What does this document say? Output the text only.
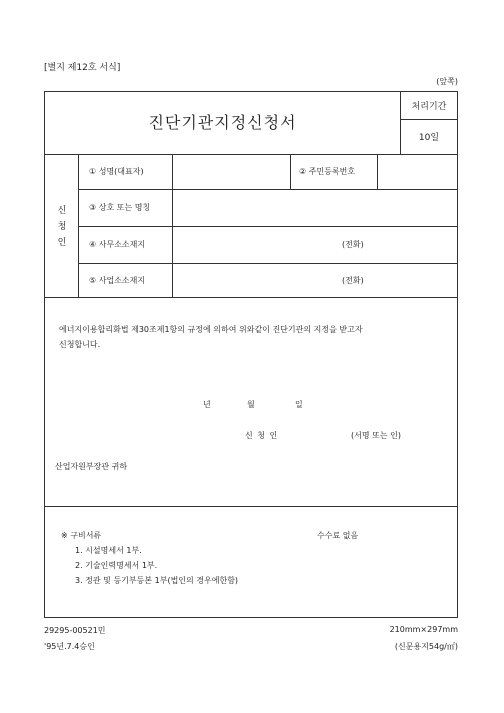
[별지 제12호 서식]
(앞쪽)
진단기관지정신청서
처리기간
10일
신
청
인
① 성명(대표자)	② 주민등록번호
③ 상호 또는 명칭
④ 사무소소재지	(전화)
⑤ 사업소소재지	(전화)
에너지이용합리화법 제30조제1항의 규정에 의하여 위와같이 진단기관의 지정을 받고자
신청합니다.
년	월	일
신 청 인	(서명 또는 인)
산업자원부장관 귀하
※ 구비서류	수수료 없음
1. 시설명세서 1부.
2. 기술인력명세서 1부.
3. 정관 및 등기부등본 1부(법인의 경우에한함)
29295-00521민
'95년.7.4승인
210mm×297mm
(신문용지54g/㎡)
